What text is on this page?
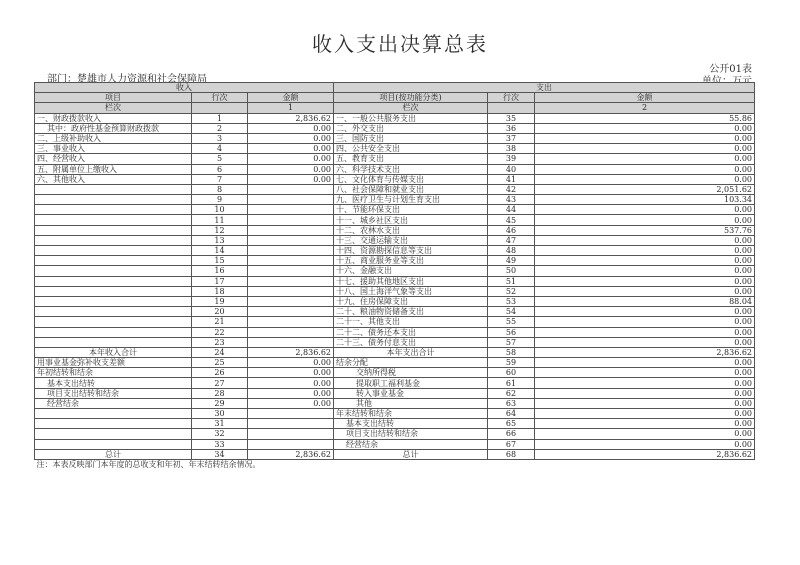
收入支出决算总表
部门：楚雄市人力资源和社会保障局
公开01表
单位：万元
收入			支出		
项目	行次	金额	项目(按功能分类)	行次	金额
栏次		1	栏次		2
一、财政拨款收入	1	2,836.62	一、一般公共服务支出	35	55.86
其中：政府性基金预算财政拨款	2	0.00	二、外交支出	36	0.00
二、上级补助收入	3	0.00	三、国防支出	37	0.00
三、事业收入	4	0.00	四、公共安全支出	38	0.00
四、经营收入	5	0.00	五、教育支出	39	0.00
五、附属单位上缴收入	6	0.00	六、科学技术支出	40	0.00
六、其他收入	7	0.00	七、文化体育与传媒支出	41	0.00
	8		八、社会保障和就业支出	42	2,051.62
	9		九、医疗卫生与计划生育支出	43	103.34
	10		十、节能环保支出	44	0.00
	11		十一、城乡社区支出	45	0.00
	12		十二、农林水支出	46	537.76
	13		十三、交通运输支出	47	0.00
	14		十四、资源勘探信息等支出	48	0.00
	15		十五、商业服务业等支出	49	0.00
	16		十六、金融支出	50	0.00
	17		十七、援助其他地区支出	51	0.00
	18		十八、国土海洋气象等支出	52	0.00
	19		十九、住房保障支出	53	88.04
	20		二十、粮油物资储备支出	54	0.00
	21		二十一、其他支出	55	0.00
	22		二十二、债务还本支出	56	0.00
	23		二十三、债务付息支出	57	0.00
本年收入合计	24	2,836.62	本年支出合计	58	2,836.62
用事业基金弥补收支差额	25	0.00	结余分配	59	0.00
年初结转和结余	26	0.00	交纳所得税	60	0.00
基本支出结转	27	0.00	提取职工福利基金	61	0.00
项目支出结转和结余	28	0.00	转入事业基金	62	0.00
经营结余	29	0.00	其他	63	0.00
	30		年末结转和结余	64	0.00
	31		基本支出结转	65	0.00
	32		项目支出结转和结余	66	0.00
	33		经营结余	67	0.00
总计	34	2,836.62	总计	68	2,836.62
注：本表反映部门本年度的总收支和年初、年末结转结余情况。					
